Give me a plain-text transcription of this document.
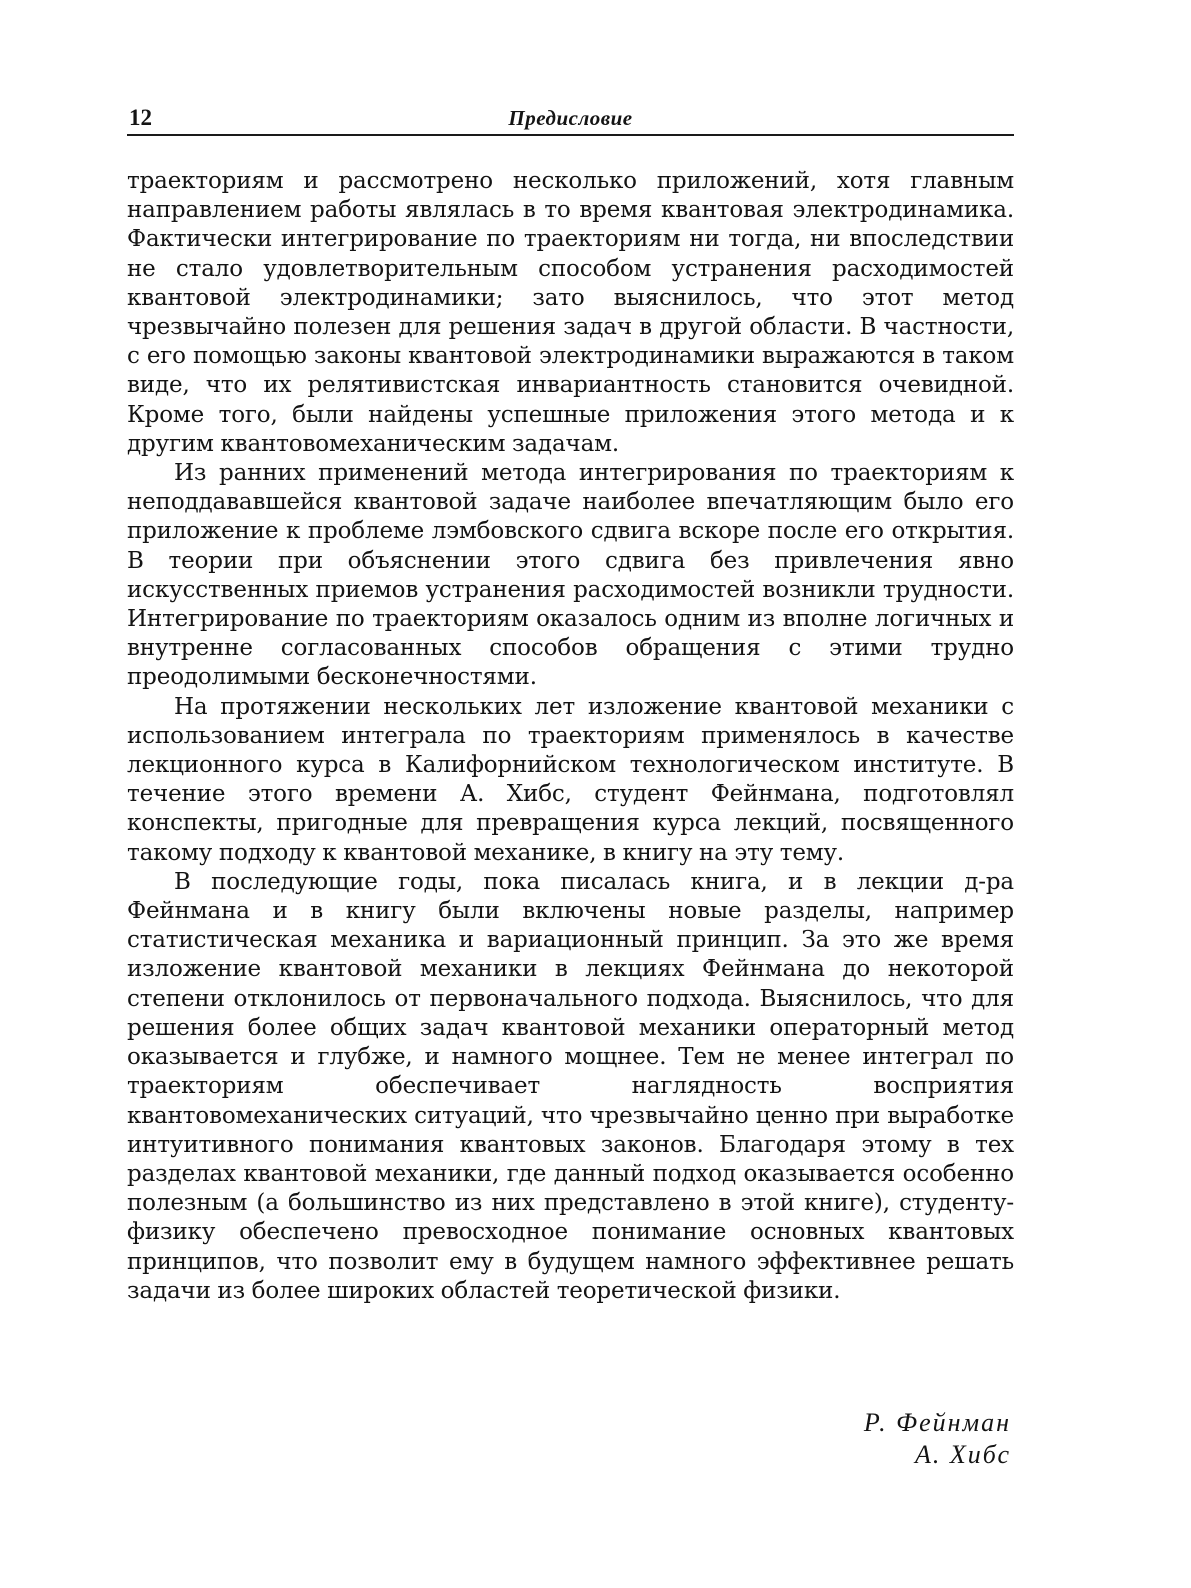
12	Предисловие

траекториям и рассмотрено несколько приложений, хотя главным направлением работы являлась в то время квантовая электродинамика. Фактически интегрирование по траекториям ни тогда, ни впоследствии не стало удовлетворительным способом устранения расходимостей квантовой электродинамики; зато выяснилось, что этот метод чрезвычайно полезен для решения задач в другой области. В частности, с его помощью законы квантовой электродинамики выражаются в таком виде, что их релятивистская инвариантность становится очевидной. Кроме того, были найдены успешные приложения этого метода и к другим квантовомеханическим задачам.

Из ранних применений метода интегрирования по траекториям к неподдававшейся квантовой задаче наиболее впечатляющим было его приложение к проблеме лэмбовского сдвига вскоре после его открытия. В теории при объяснении этого сдвига без привлечения явно искусственных приемов устранения расходимостей возникли трудности. Интегрирование по траекториям оказалось одним из вполне логичных и внутренне согласованных способов обращения с этими трудно преодолимыми бесконечностями.

На протяжении нескольких лет изложение квантовой механики с использованием интеграла по траекториям применялось в качестве лекционного курса в Калифорнийском технологическом институте. В течение этого времени А. Хибс, студент Фейнмана, подготовлял конспекты, пригодные для превращения курса лекций, посвященного такому подходу к квантовой механике, в книгу на эту тему.

В последующие годы, пока писалась книга, и в лекции д-ра Фейнмана и в книгу были включены новые разделы, например статистическая механика и вариационный принцип. За это же время изложение квантовой механики в лекциях Фейнмана до некоторой степени отклонилось от первоначального подхода. Выяснилось, что для решения более общих задач квантовой механики операторный метод оказывается и глубже, и намного мощнее. Тем не менее интеграл по траекториям обеспечивает наглядность восприятия квантовомеханических ситуаций, что чрезвычайно ценно при выработке интуитивного понимания квантовых законов. Благодаря этому в тех разделах квантовой механики, где данный подход оказывается особенно полезным (а большинство из них представлено в этой книге), студенту-физику обеспечено превосходное понимание основных квантовых принципов, что позволит ему в будущем намного эффективнее решать задачи из более широких областей теоретической физики.

Р. Фейнман
А. Хибс
